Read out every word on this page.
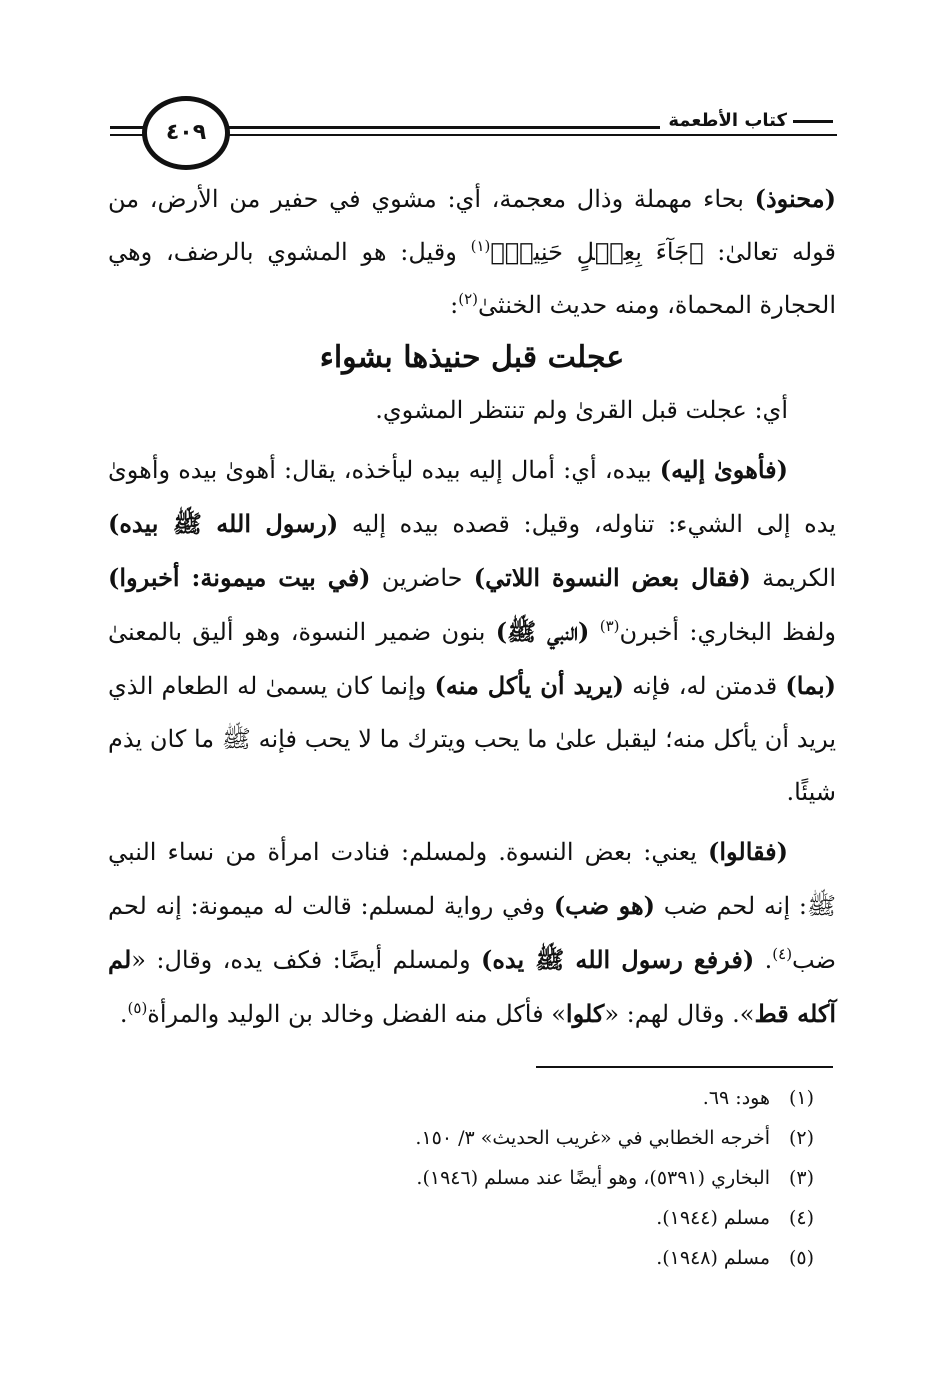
كتاب الأطعمة
٤٠٩

(محنوذ) بحاء مهملة وذال معجمة، أي: مشوي في حفير من الأرض، من قوله تعالىٰ: ﴿جَآءَ بِعِجۡلٍ حَنِيذٖ﴾$^{(١)}$ وقيل: هو المشوي بالرضف، وهي الحجارة المحماة، ومنه حديث الخنثىٰ$^{(٢)}$:

عجلت قبل حنيذها بشواء

أي: عجلت قبل القرىٰ ولم تنتظر المشوي.

(فأهوىٰ إليه) بيده، أي: أمال إليه بيده ليأخذه، يقال: أهوىٰ بيده وأهوىٰ يده إلى الشيء: تناوله، وقيل: قصده بيده إليه (رسول الله ﷺ بيده) الكريمة (فقال بعض النسوة اللاتي) حاضرين (في بيت ميمونة: أخبروا) ولفظ البخاري: أخبرن$^{(٣)}$ (النبي ﷺ) بنون ضمير النسوة، وهو أليق بالمعنىٰ (بما) قدمتن له، فإنه (يريد أن يأكل منه) وإنما كان يسمىٰ له الطعام الذي يريد أن يأكل منه؛ ليقبل علىٰ ما يحب ويترك ما لا يحب فإنه ﷺ ما كان يذم شيئًا.

(فقالوا) يعني: بعض النسوة. ولمسلم: فنادت امرأة من نساء النبي ﷺ: إنه لحم ضب (هو ضب) وفي رواية لمسلم: قالت له ميمونة: إنه لحم ضب$^{(٤)}$. (فرفع رسول الله ﷺ يده) ولمسلم أيضًا: فكف يده، وقال: «لم آكله قط». وقال لهم: «كلوا» فأكل منه الفضل وخالد بن الوليد والمرأة$^{(٥)}$.

(١)هود: ٦٩.
(٢)أخرجه الخطابي في «غريب الحديث» ٣/ ١٥٠.
(٣)البخاري (٥٣٩١)، وهو أيضًا عند مسلم (١٩٤٦).
(٤)مسلم (١٩٤٤).
(٥)مسلم (١٩٤٨).
